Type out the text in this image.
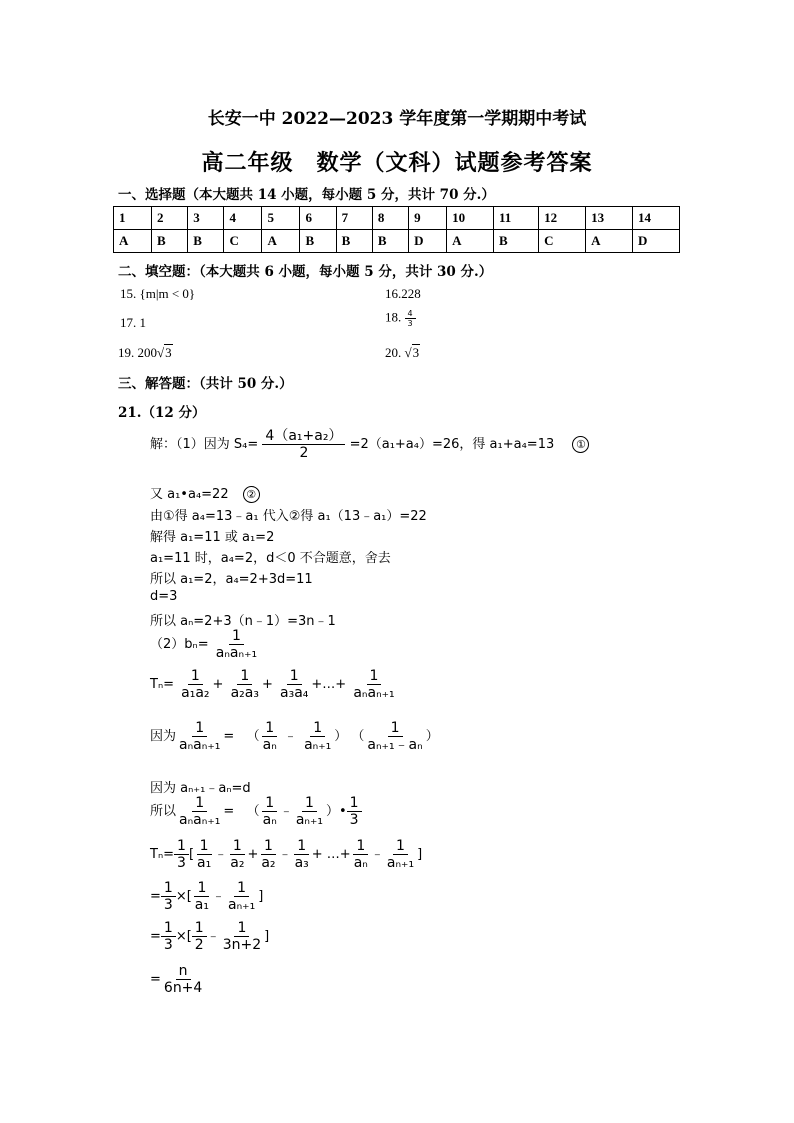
长安一中 2022—2023 学年度第一学期期中考试
高二年级　数学（文科）试题参考答案
一、选择题（本大题共 14 小题，每小题 5 分，共计 70 分.）
1	2	3	4	5	6	7	8	9	10	11	12	13	14
A	B	B	C	A	B	B	B	D	A	B	C	A	D
二、填空题：（本大题共 6 小题，每小题 5 分，共计 30 分.）
15. {m|m < 0}	16.228
17. 1	18. $\frac{4}{3}$
19. 200√3	20. √3
三、解答题：（共计 50 分.）
21.（12 分）
解：（1）因为 $S_4= \frac{\text{4（a₁+a₂）}}{2} =2(a_1+a_4)=26$，得 a₁+a₄=13 ①
又 a₁•a₄=22 ②
由①得 a₄=13﹣a₁ 代入②得 a₁（13﹣a₁）=22
解得 a₁=11 或 a₁=2
a₁=11 时，a₄=2，d＜0 不合题意，舍去
所以 a₁=2，a₄=2+3d=11
d=3
所以 aₙ=2+3（n﹣1）=3n﹣1
$(2)b_n= \frac{1}{\text{aₙaₙ₊₁}}$
$T_n= \frac{1}{\text{a₁a₂}} + \frac{1}{\text{a₂a₃}} + \frac{1}{\text{a₃a₄}}$ +…+ $\frac{1}{\text{aₙaₙ₊₁}}$
因为 $\frac{1}{\text{aₙaₙ₊₁}}$ =   （ $\frac{1}{\text{aₙ}}$ ﹣ $\frac{1}{\text{aₙ₊₁}}$ ） （ $\frac{1}{\text{aₙ₊₁﹣aₙ}}$ ）
因为 aₙ₊₁﹣aₙ=d
所以 $\frac{1}{\text{aₙaₙ₊₁}}$ =   （ $\frac{1}{\text{aₙ}}$ ﹣ $\frac{1}{\text{aₙ₊₁}}$ ）• $\frac{1}{3}$
$T_n= \frac{1}{3}$ [ $\frac{1}{\text{a₁}}$ ﹣ $\frac{1}{\text{a₂}} + \frac{1}{\text{a₂}}$ ﹣ $\frac{1}{\text{a₃}}$ + …+ $\frac{1}{\text{aₙ}}$ ﹣ $\frac{1}{\text{aₙ₊₁}}$ ]
= $\frac{1}{3}$ ×[ $\frac{1}{\text{a₁}}$ ﹣ $\frac{1}{\text{aₙ₊₁}}$ ]
= $\frac{1}{3}$ ×[ $\frac{1}{2}$ ﹣ $\frac{1}{3n+2}$ ]
= $\frac{n}{6n+4}$
